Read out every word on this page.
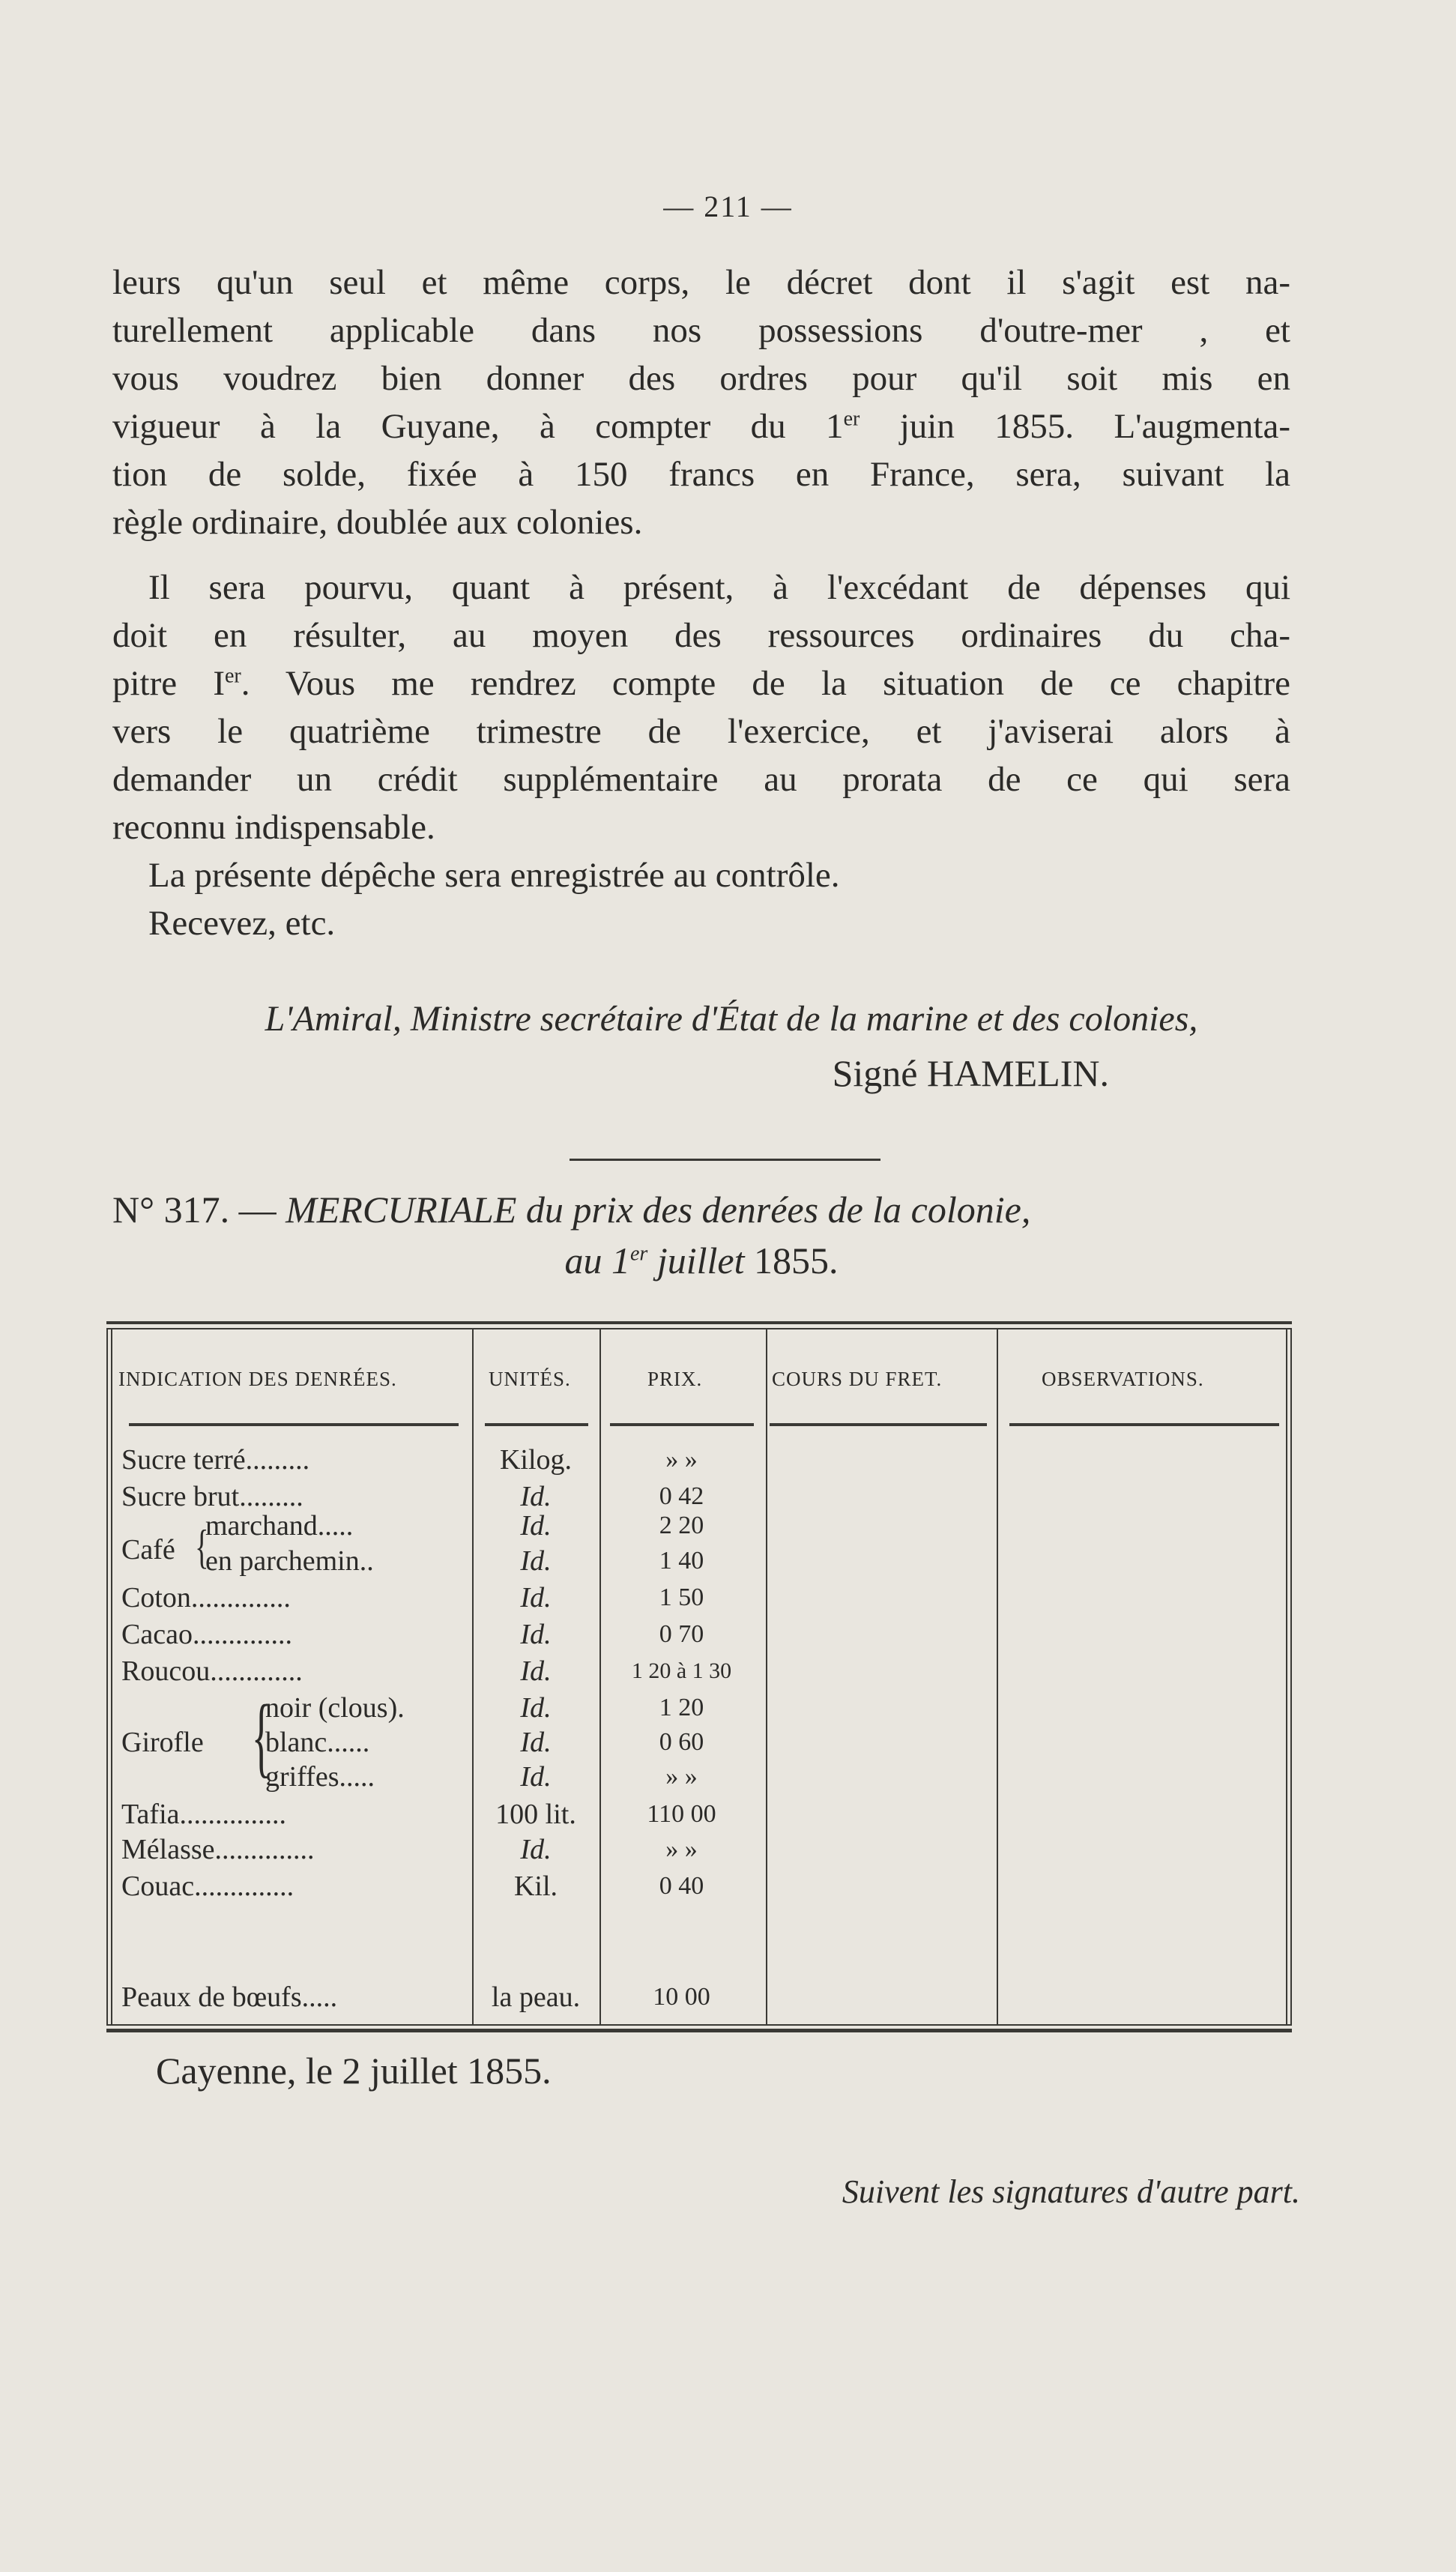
— 211 —
leurs qu'un seul et même corps, le décret dont il s'agit est na-
turellement applicable dans nos possessions d'outre-mer , et
vous voudrez bien donner des ordres pour qu'il soit mis en
vigueur à la Guyane, à compter du 1er juin 1855. L'augmenta-
tion de solde, fixée à 150 francs en France, sera, suivant la
règle ordinaire, doublée aux colonies.
Il sera pourvu, quant à présent, à l'excédant de dépenses qui
doit en résulter, au moyen des ressources ordinaires du cha-
pitre Ier. Vous me rendrez compte de la situation de ce chapitre
vers le quatrième trimestre de l'exercice, et j'aviserai alors à
demander un crédit supplémentaire au prorata de ce qui sera
reconnu indispensable.
La présente dépêche sera enregistrée au contrôle.
Recevez, etc.
L'Amiral, Ministre secrétaire d'État de la marine et des colonies,
Signé HAMELIN.
N° 317. — MERCURIALE du prix des denrées de la colonie,
au 1er juillet 1855.
INDICATION DES DENRÉES.	UNITÉS.	PRIX.	COURS DU FRET.	OBSERVATIONS.
Sucre terré.........	Kilog.	» »
Sucre brut.........	Id.	0 42
Café {
marchand.....	Id.	2 20
en parchemin..	Id.	1 40
Coton..............	Id.	1 50
Cacao..............	Id.	0 70
Roucou.............	Id.	1 20 à 1 30
Girofle {
noir (clous).	Id.	1 20
blanc......	Id.	0 60
griffes.....	Id.	» »
Tafia...............	100 lit.	110 00
Mélasse..............	Id.	» »
Couac..............	Kil.	0 40
Peaux de bœufs.....	la peau.	10 00
Cayenne, le 2 juillet 1855.
Suivent les signatures d'autre part.
